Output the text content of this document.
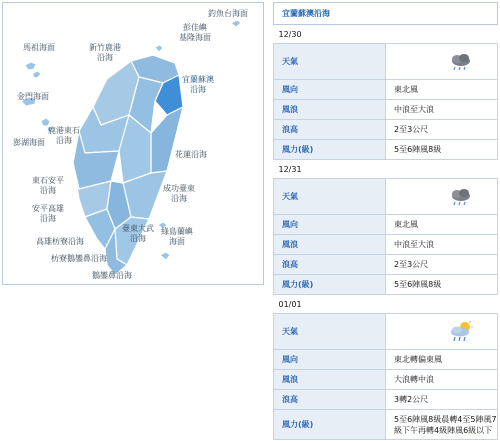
釣魚台海面
彭佳嶼
基隆海面
馬祖海面	新竹鹿港
沿海
宜蘭蘇澳
沿海
金門海面
鹿港東石
沿海
澎湖海面
花蓮沿海
東石安平
沿海	成功臺東
沿海
安平高雄
沿海
臺東大武
沿海
綠島蘭嶼
海面
高雄枋寮沿海
枋寮鵝鑾鼻沿海
鵝鑾鼻沿海
宜蘭蘇澳沿海	
12/30	
天氣	

風向	東北風
風浪	中浪至大浪
浪高	2至3公尺
風力(級)	5至6陣風8級
12/31	
天氣	

風向	東北風
風浪	中浪至大浪
浪高	2至3公尺
風力(級)	5至6陣風8級
01/01	
天氣	

風向	東北轉偏東風
風浪	大浪轉中浪
浪高	3轉2公尺
風力(級)	5至6陣風8級晨轉4至5陣風7級下午再轉4級陣風6級以下
